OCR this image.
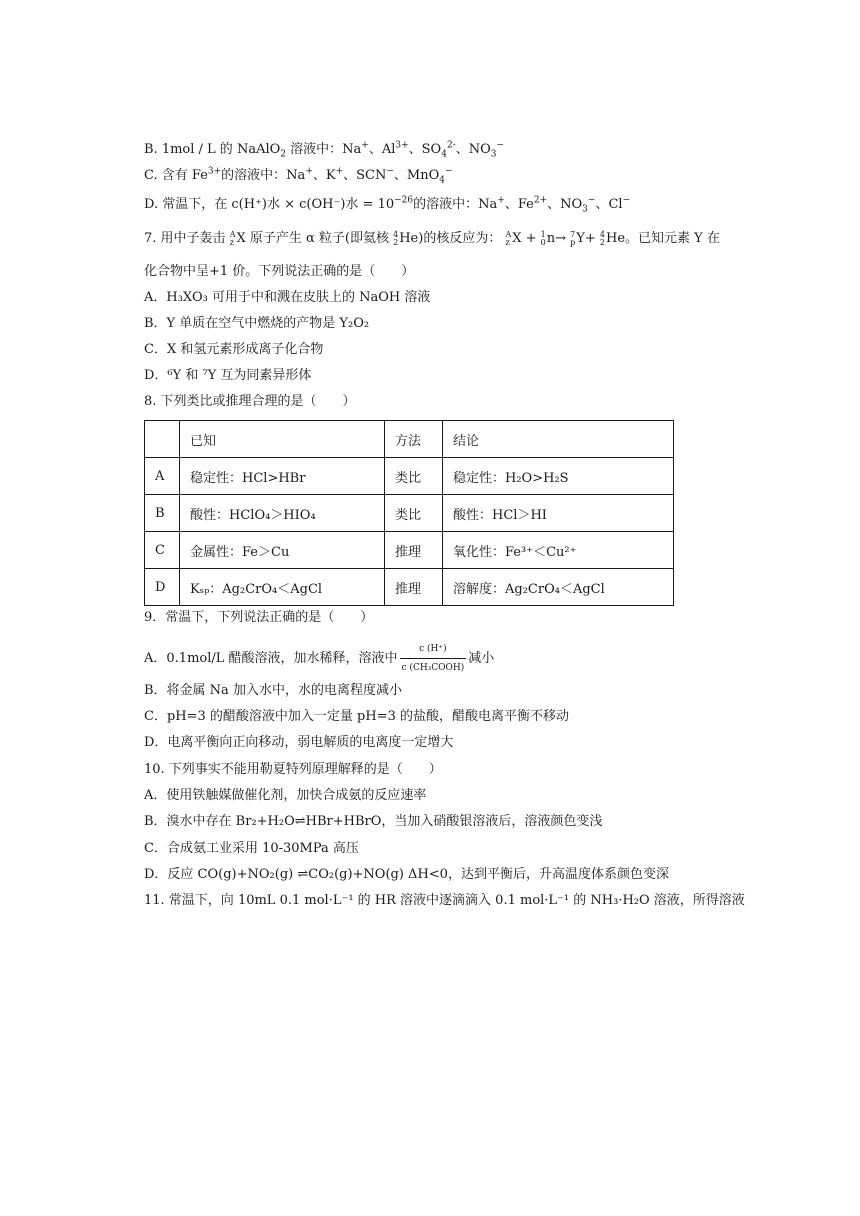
B. 1mol / L 的 NaAlO$_2$ 溶液中：Na+、$Al^{3+}$、$SO_4^{2-}$、$NO_3^-$
C. 含有 $Fe^{3+}$的溶液中：Na+、K+、SCN−、MnO$_4$−
D. 常温下，在 c(H⁺)水 × c(OH⁻)水 = $10^{-26}$的溶液中：Na+、$Fe^{2+}$、$NO_3^-$、Cl−
7. 用中子轰击 A
z X 原子产生 α 粒子(即氦核 4
2 He)的核反应为： A
z X + 1
0 n→ 7
p Y+ 4
2 He。已知元素 Y 在
化合物中呈+1 价。下列说法正确的是（　　）
A．H₃XO₃ 可用于中和溅在皮肤上的 NaOH 溶液
B．Y 单质在空气中燃烧的产物是 Y₂O₂
C．X 和氢元素形成离子化合物
D．⁶Y 和 ⁷Y 互为同素异形体
8. 下列类比或推理合理的是（　　）
	已知	方法	结论
A	稳定性：HCl>HBr	类比	稳定性：H₂O>H₂S
B	酸性：HClO₄＞HIO₄	类比	酸性：HCl＞HI
C	金属性：Fe＞Cu	推理	氧化性：Fe³⁺＜Cu²⁺
D	Kₛₚ：Ag₂CrO₄＜AgCl	推理	溶解度：Ag₂CrO₄＜AgCl
9．常温下，下列说法正确的是（　　）
A．0.1mol/L 醋酸溶液，加水稀释，溶液中 $\frac{c (H^+)}{\text{c (CH₃COOH)}}$ 减小
B．将金属 Na 加入水中，水的电离程度减小
C．pH=3 的醋酸溶液中加入一定量 pH=3 的盐酸，醋酸电离平衡不移动
D．电离平衡向正向移动，弱电解质的电离度一定增大
10. 下列事实不能用勒夏特列原理解释的是（　　）
A．使用铁触媒做催化剂，加快合成氨的反应速率
B．溴水中存在 Br₂+H₂O⇌HBr+HBrO，当加入硝酸银溶液后，溶液颜色变浅
C．合成氨工业采用 10-30MPa 高压
D．反应 CO(g)+NO₂(g) ⇌CO₂(g)+NO(g) ΔH<0，达到平衡后，升高温度体系颜色变深
11. 常温下，向 10mL 0.1 mol·L⁻¹ 的 HR 溶液中逐滴滴入 0.1 mol·L⁻¹ 的 NH₃·H₂O 溶液，所得溶液
